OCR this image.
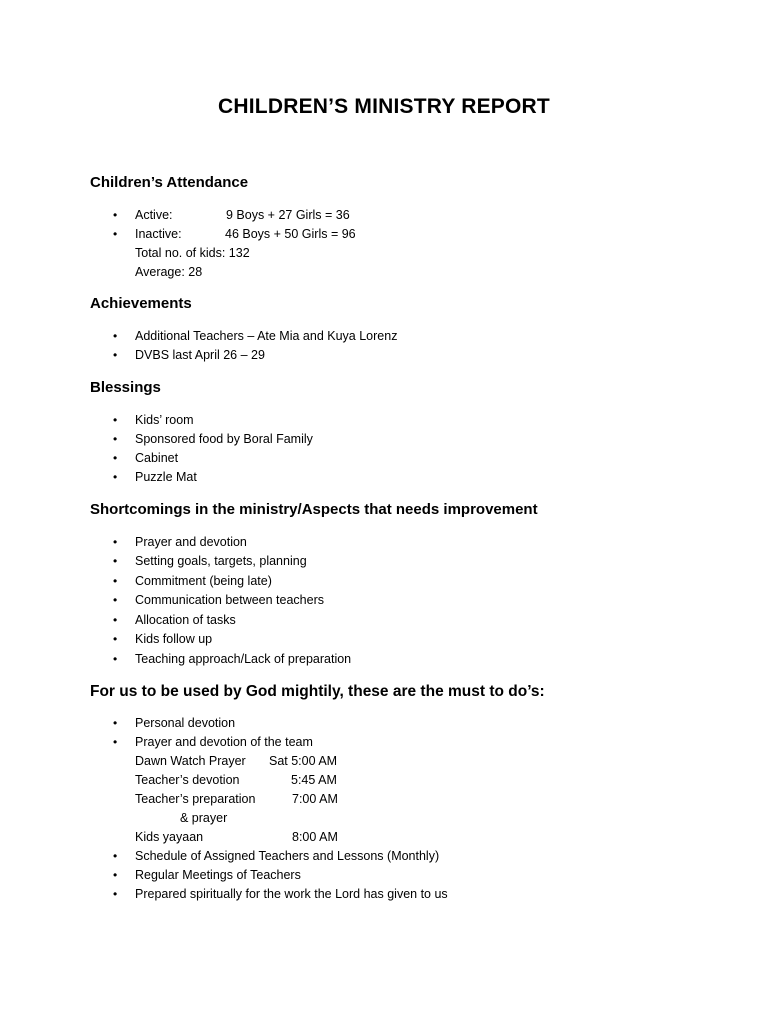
CHILDREN’S MINISTRY REPORT
Children’s Attendance
• Active:	9 Boys + 27 Girls = 36
• Inactive:	46 Boys + 50 Girls = 96
Total no. of kids: 132
Average: 28
Achievements
• Additional Teachers – Ate Mia and Kuya Lorenz
• DVBS last April 26 – 29
Blessings
• Kids’ room
• Sponsored food by Boral Family
• Cabinet
• Puzzle Mat
Shortcomings in the ministry/Aspects that needs improvement
• Prayer and devotion
• Setting goals, targets, planning
• Commitment (being late)
• Communication between teachers
• Allocation of tasks
• Kids follow up
• Teaching approach/Lack of preparation
For us to be used by God mightily, these are the must to do’s:
• Personal devotion
• Prayer and devotion of the team
Dawn Watch Prayer Sat 5:00 AM
Teacher’s devotion	5:45 AM
Teacher’s preparation	7:00 AM
& prayer
Kids yayaan	8:00 AM
• Schedule of Assigned Teachers and Lessons (Monthly)
• Regular Meetings of Teachers
• Prepared spiritually for the work the Lord has given to us
